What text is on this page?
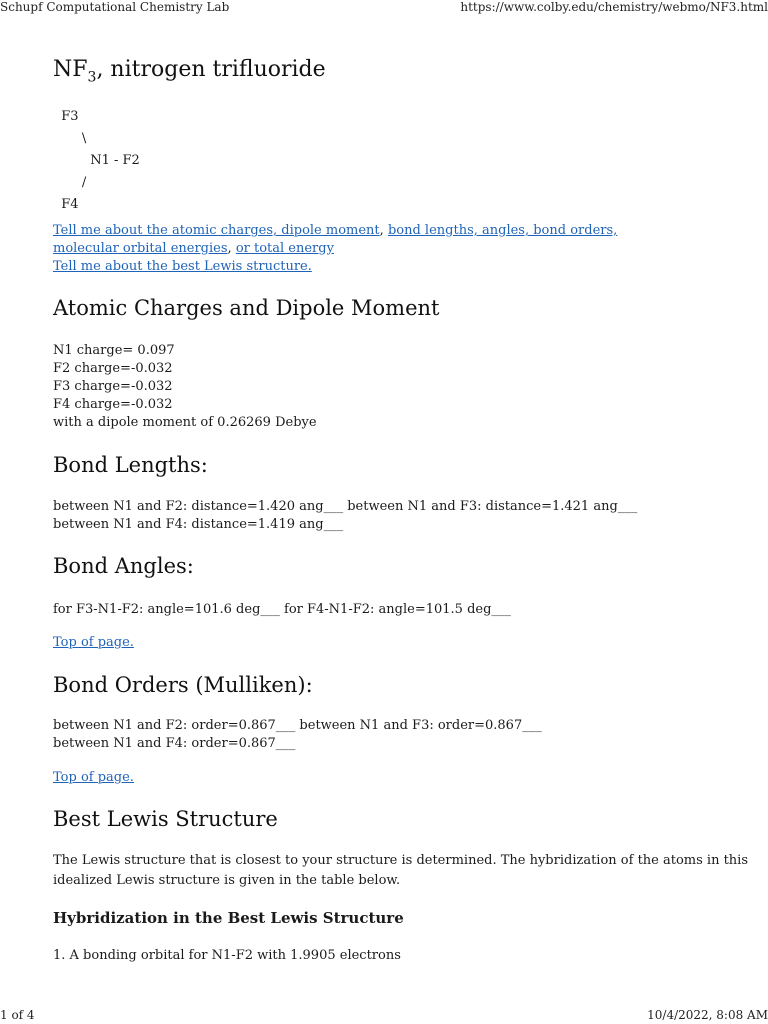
Schupf Computational Chemistry Lab	https://www.colby.edu/chemistry/webmo/NF3.html
$NF_3$, nitrogen trifluoride

F3

\

N1 - F2

/

F4

Tell me about the atomic charges, dipole moment, bond lengths, angles, bond orders,

molecular orbital energies, or total energy

Tell me about the best Lewis structure.

Atomic Charges and Dipole Moment

N1 charge= 0.097

F2 charge=-0.032

F3 charge=-0.032

F4 charge=-0.032

with a dipole moment of 0.26269 Debye

Bond Lengths:

between N1 and F2: distance=1.420 ang___ between N1 and F3: distance=1.421 ang___

between N1 and F4: distance=1.419 ang___

Bond Angles:

for F3-N1-F2: angle=101.6 deg___ for F4-N1-F2: angle=101.5 deg___

Top of page.

Bond Orders (Mulliken):

between N1 and F2: order=0.867___ between N1 and F3: order=0.867___

between N1 and F4: order=0.867___

Top of page.

Best Lewis Structure

The Lewis structure that is closest to your structure is determined. The hybridization of the atoms in this

idealized Lewis structure is given in the table below.

Hybridization in the Best Lewis Structure

1. A bonding orbital for N1-F2 with 1.9905 electrons

1 of 4	10/4/2022, 8:08 AM
